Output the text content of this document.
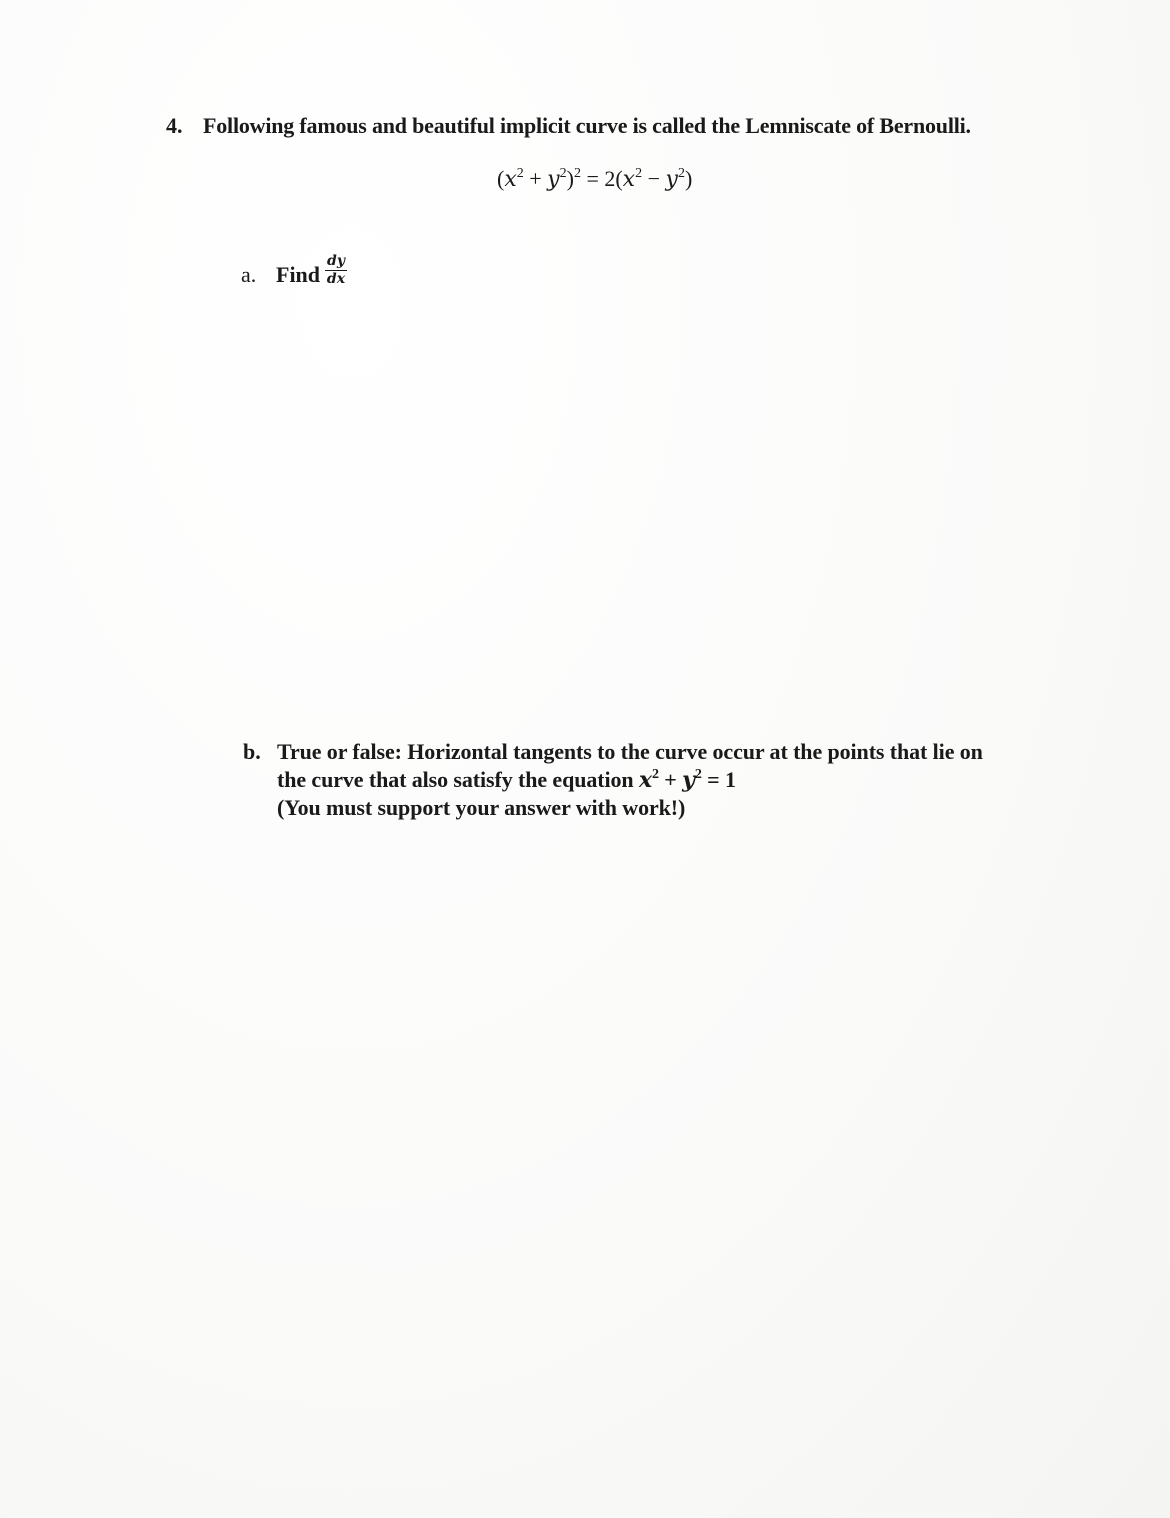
4. Following famous and beautiful implicit curve is called the Lemniscate of Bernoulli.
$(x^2 + y^2)^2 = 2(x^2 - y^2)$
a. Find $\frac{dy}{dx}$
b. True or false: Horizontal tangents to the curve occur at the points that lie on
the curve that also satisfy the equation $x^2 + y^2 = 1$
(You must support your answer with work!)
